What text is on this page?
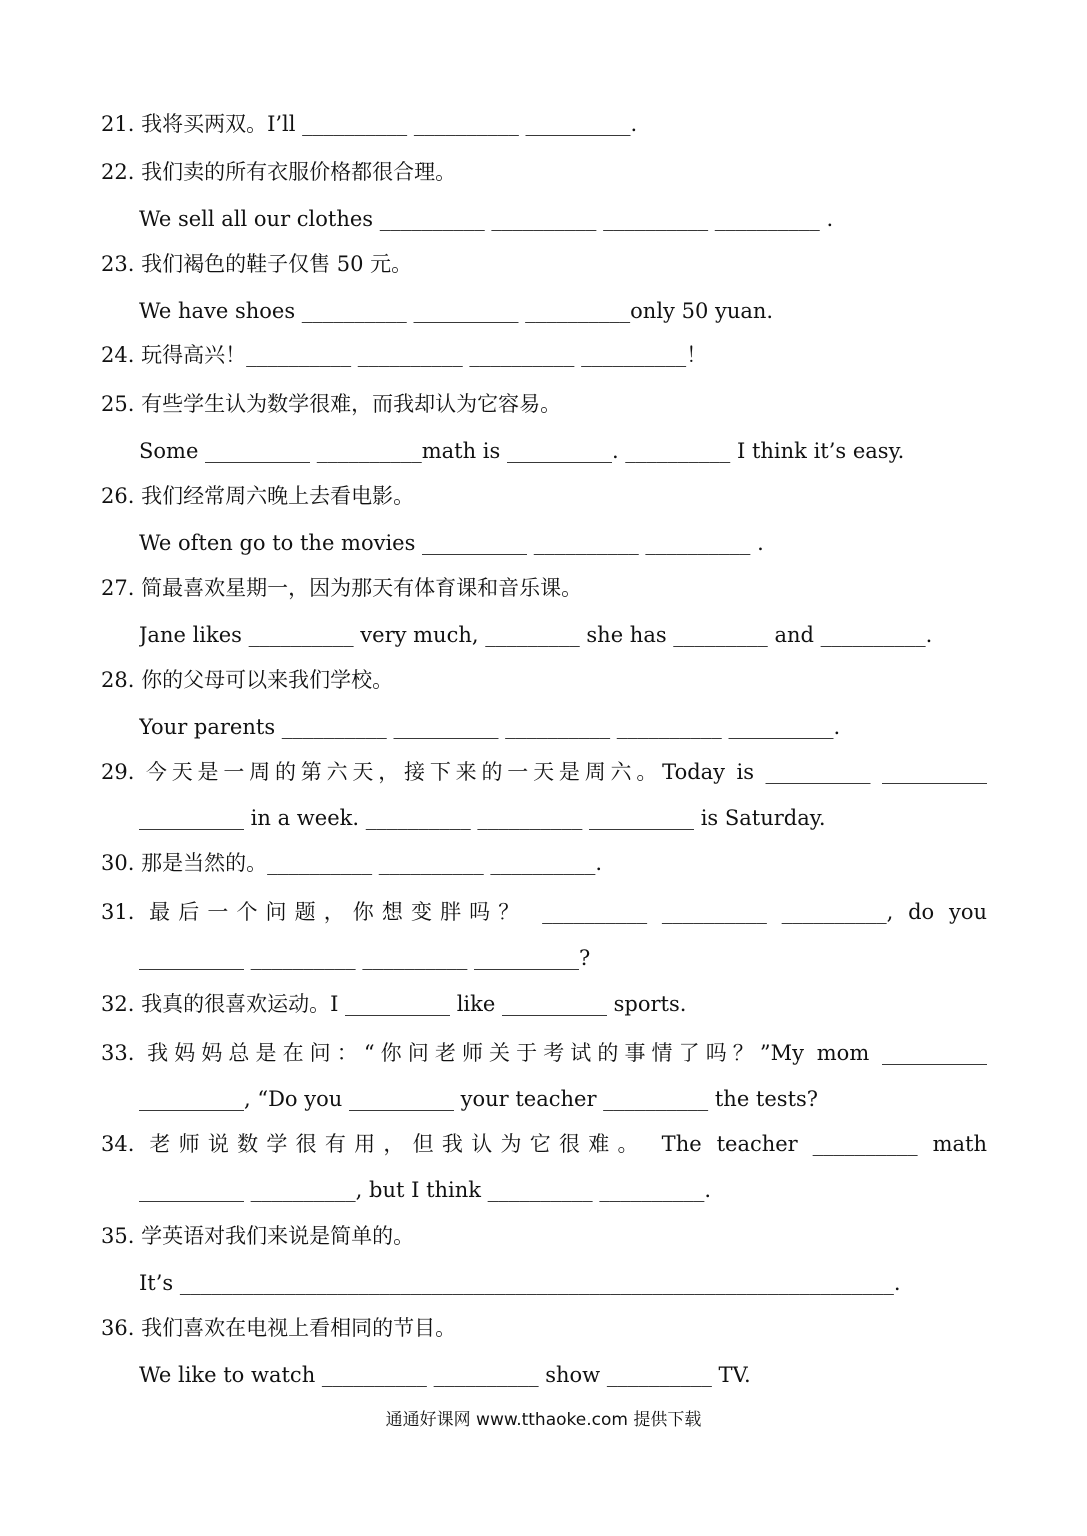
21. 我将买两双。I’ll __________ __________ __________.
22. 我们卖的所有衣服价格都很合理。
We sell all our clothes __________ __________ __________ __________ .
23. 我们褐色的鞋子仅售 50 元。
We have shoes __________ __________ __________only 50 yuan.
24. 玩得高兴！__________ __________ __________ __________！
25. 有些学生认为数学很难，而我却认为它容易。
Some __________ __________math is __________. __________ I think it’s easy.
26. 我们经常周六晚上去看电影。
We often go to the movies __________ __________ __________ .
27. 简最喜欢星期一，因为那天有体育课和音乐课。
Jane likes __________ very much, _________ she has _________ and __________.
28. 你的父母可以来我们学校。
Your parents __________ __________ __________ __________ __________.
29. 今天是一周的第六天，接下来的一天是周六。Today is __________ __________
__________ in a week. __________ __________ __________ is Saturday.
30. 那是当然的。__________ __________ __________.
31. 最后一个问题，你想变胖吗？ __________ __________ __________, do you
__________ __________ __________ __________?
32. 我真的很喜欢运动。I __________ like __________ sports.
33. 我妈妈总是在问：“你问老师关于考试的事情了吗？”My mom __________
__________, “Do you __________ your teacher __________ the tests?
34. 老师说数学很有用，但我认为它很难。 The teacher __________ math
__________ __________, but I think __________ __________.
35. 学英语对我们来说是简单的。
It’s ____________________________________________________________________.
36. 我们喜欢在电视上看相同的节目。
We like to watch __________ __________ show __________ TV.
通通好课网 www.tthaoke.com 提供下载
